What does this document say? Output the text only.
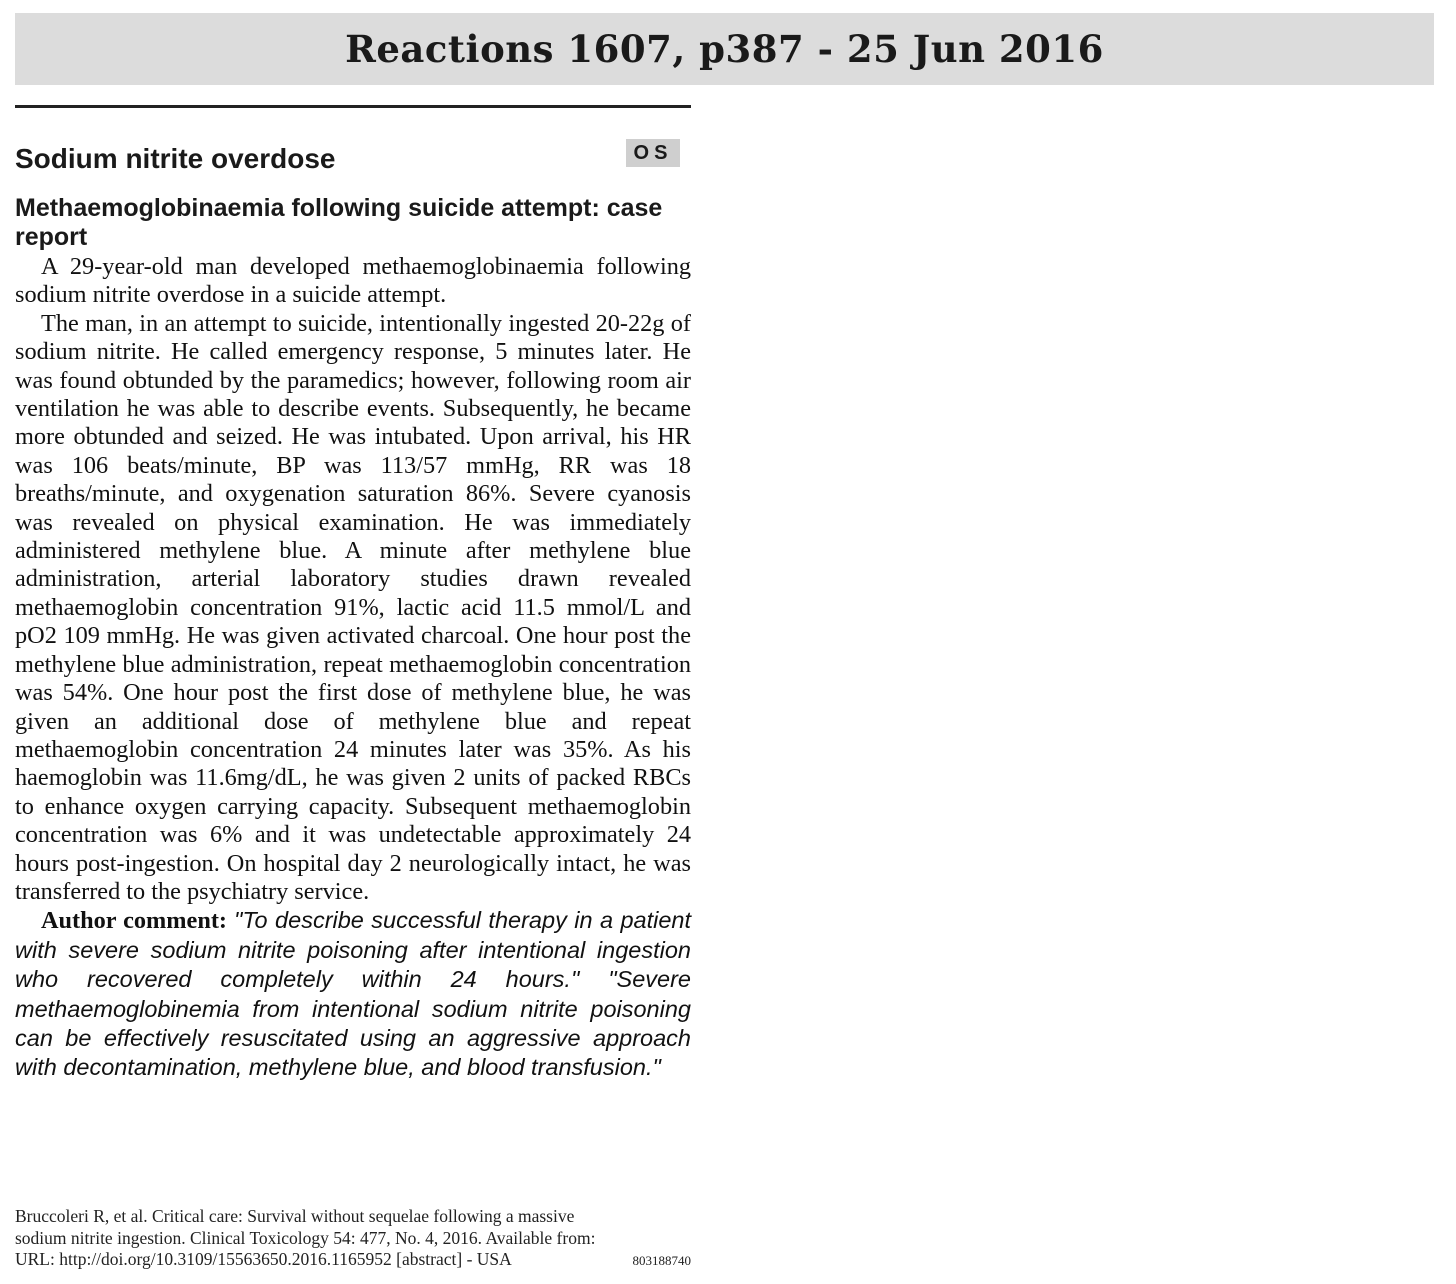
Reactions 1607, p387 - 25 Jun 2016
Sodium nitrite overdose	OS
Methaemoglobinaemia following suicide attempt: case report

A 29-year-old man developed methaemoglobinaemia following sodium nitrite overdose in a suicide attempt.

The man, in an attempt to suicide, intentionally ingested 20-22g of sodium nitrite. He called emergency response, 5 minutes later. He was found obtunded by the paramedics; however, following room air ventilation he was able to describe events. Subsequently, he became more obtunded and seized. He was intubated. Upon arrival, his HR was 106 beats/minute, BP was 113/57 mmHg, RR was 18 breaths/minute, and oxygenation saturation 86%. Severe cyanosis was revealed on physical examination. He was immediately administered methylene blue. A minute after methylene blue administration, arterial laboratory studies drawn revealed methaemoglobin concentration 91%, lactic acid 11.5 mmol/L and pO2 109 mmHg. He was given activated charcoal. One hour post the methylene blue administration, repeat methaemoglobin concentration was 54%. One hour post the first dose of methylene blue, he was given an additional dose of methylene blue and repeat methaemoglobin concentration 24 minutes later was 35%. As his haemoglobin was 11.6mg/dL, he was given 2 units of packed RBCs to enhance oxygen carrying capacity. Subsequent methaemoglobin concentration was 6% and it was undetectable approximately 24 hours post-ingestion. On hospital day 2 neurologically intact, he was transferred to the psychiatry service.

Author comment: "To describe successful therapy in a patient with severe sodium nitrite poisoning after intentional ingestion who recovered completely within 24 hours." "Severe methaemoglobinemia from intentional sodium nitrite poisoning can be effectively resuscitated using an aggressive approach with decontamination, methylene blue, and blood transfusion."

Bruccoleri R, et al. Critical care: Survival without sequelae following a massive
sodium nitrite ingestion. Clinical Toxicology 54: 477, No. 4, 2016. Available from:
URL: http://doi.org/10.3109/15563650.2016.1165952 [abstract] - USA	803188740
